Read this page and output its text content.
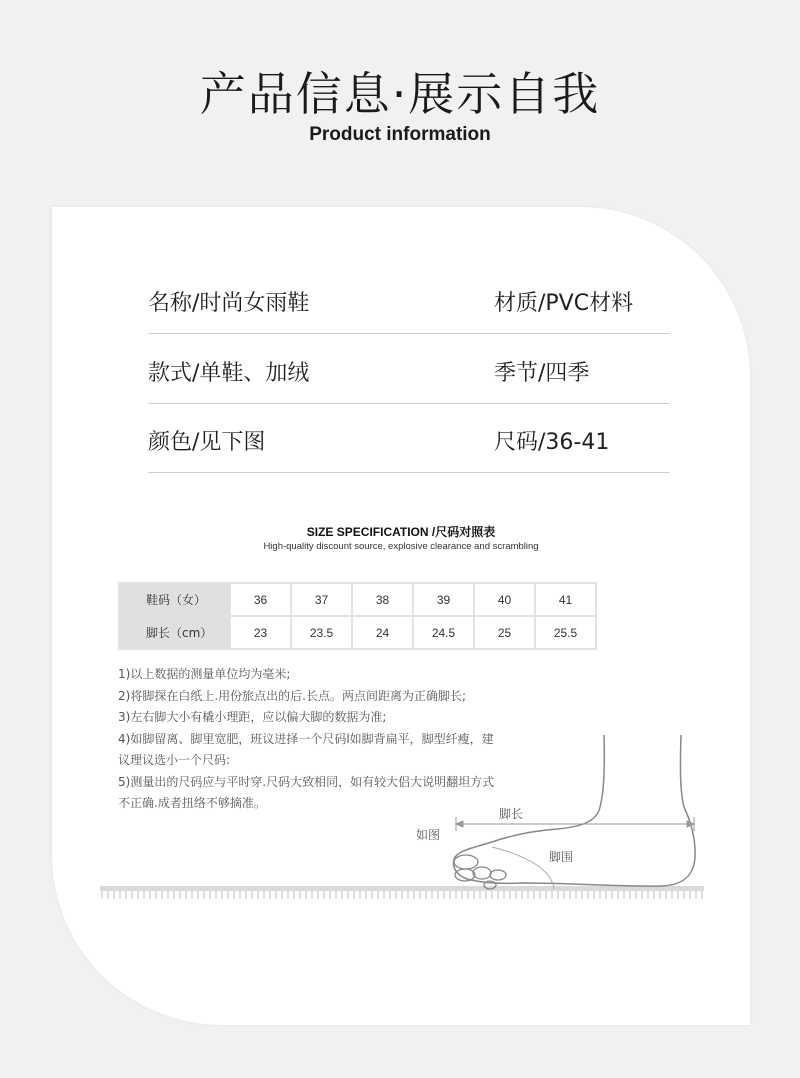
产品信息·展示自我
Product information
名称/时尚女雨鞋	材质/PVC材料
款式/单鞋、加绒	季节/四季
颜色/见下图	尺码/36-41
SIZE SPECIFICATION /尺码对照表
High-quality discount source, explosive clearance and scrambling
鞋码（女）	36	37	38	39	40	41
脚长（cm）	23	23.5	24	24.5	25	25.5
1)以上数据的测量单位均为毫米;
2)将脚探在白纸上.用份旅点出的后.长点。两点间距离为正确脚长;
3)左右脚大小有橇小理距，应以偏大脚的数据为准;
4)如脚留离、脚里宽肥，班议迸择一个尺码l如脚背扁平，脚型纤瘦，建
议理议选小一个尺码:
5)测量出的尺码应与平时穿.尺码大致相同，如有较大侣大说明翻坦方式
不正确.成者扭络不够摘准。
如图
脚长
脚围
